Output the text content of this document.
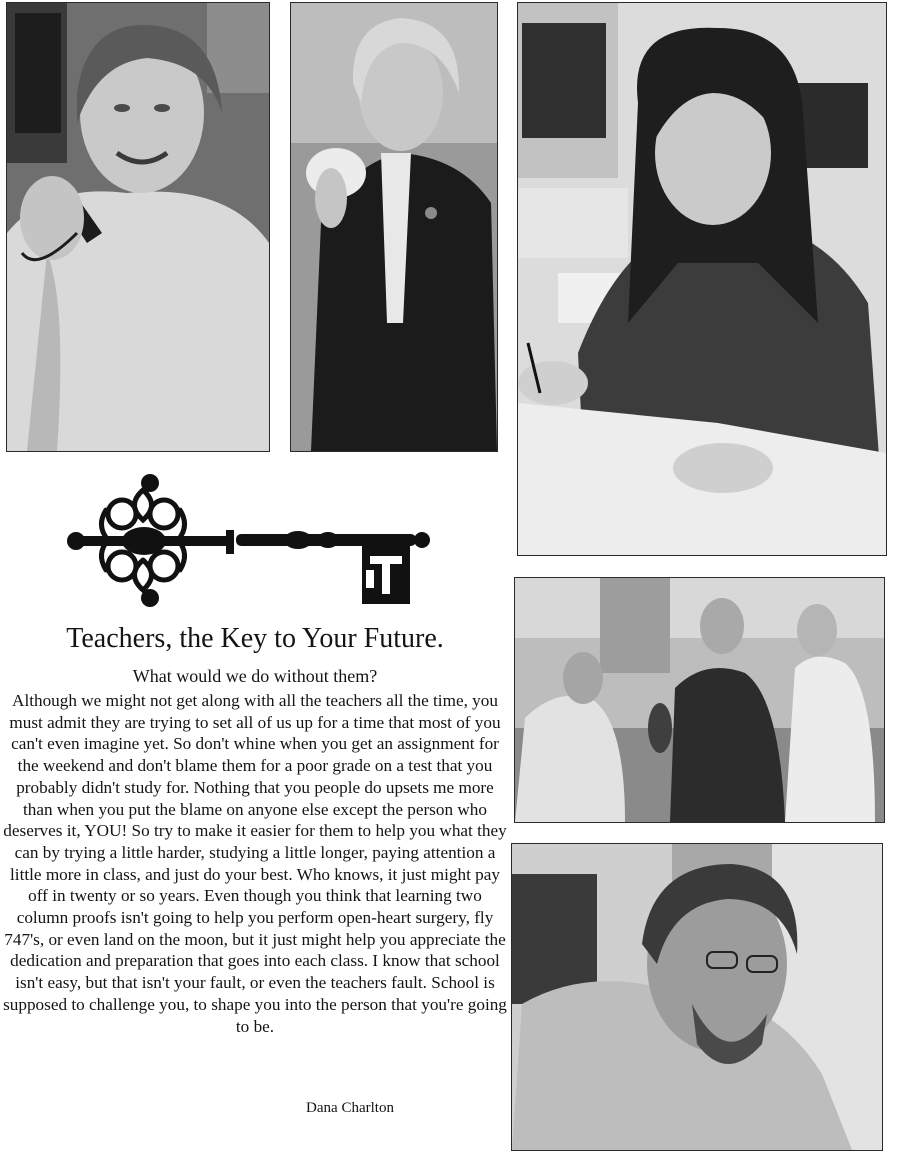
Teachers, the Key to Your Future.

What would we do without them?

Although we might not get along with all the teachers all the time, you must admit they are trying to set all of us up for a time that most of you can't even imagine yet. So don't whine when you get an assignment for the weekend and don't blame them for a poor grade on a test that you probably didn't study for. Nothing that you people do upsets me more than when you put the blame on anyone else except the person who deserves it, YOU! So try to make it easier for them to help you what they can by trying a little harder, studying a little longer, paying attention a little more in class, and just do your best. Who knows, it just might pay off in twenty or so years. Even though you think that learning two column proofs isn't going to help you perform open-heart surgery, fly 747's, or even land on the moon, but it just might help you appreciate the dedication and preparation that goes into each class. I know that school isn't easy, but that isn't your fault, or even the teachers fault. School is supposed to challenge you, to shape you into the person that you're going to be.

Dana Charlton
